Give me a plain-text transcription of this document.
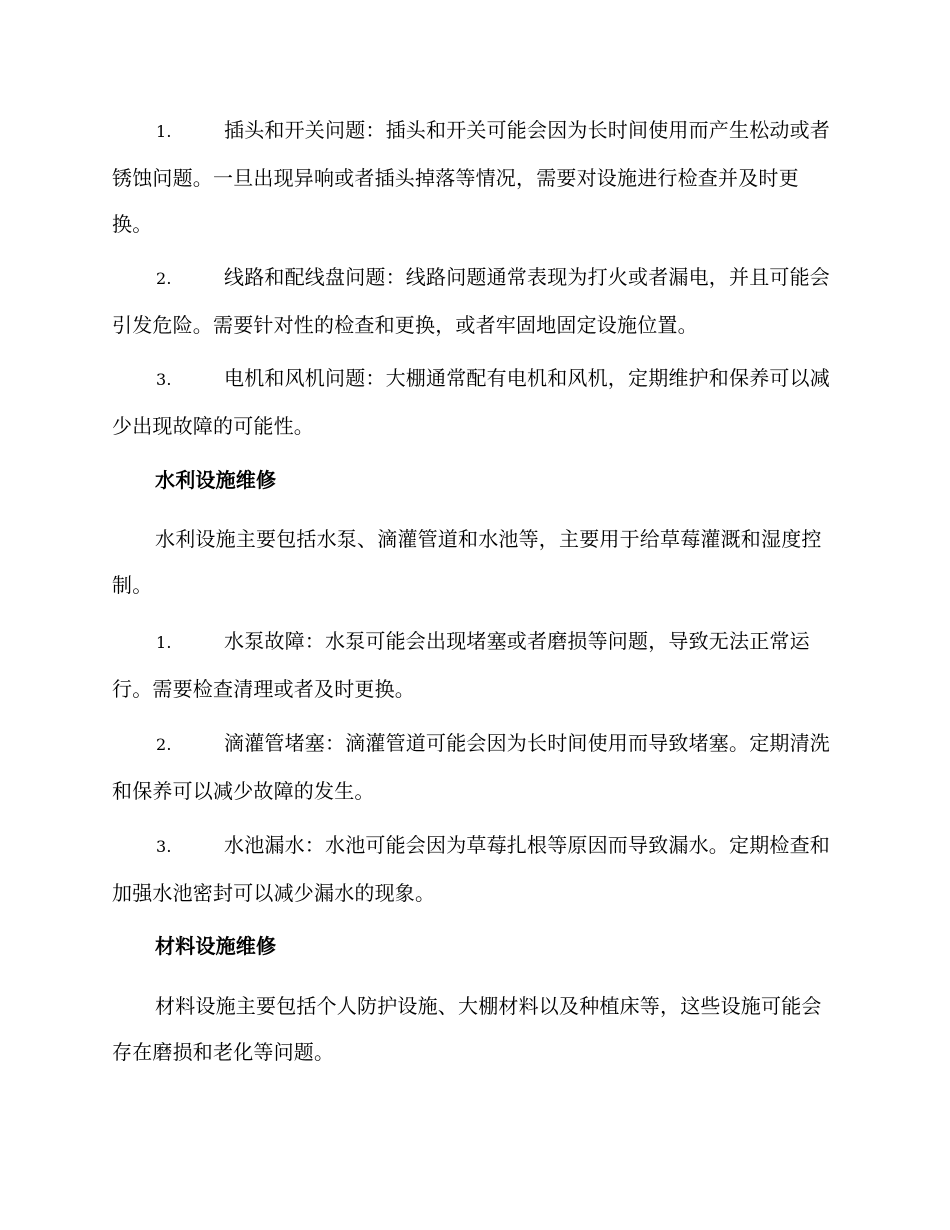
1.	插头和开关问题：插头和开关可能会因为长时间使用而产生松动或者锈蚀问题。一旦出现异响或者插头掉落等情况，需要对设施进行检查并及时更换。
2.	线路和配线盘问题：线路问题通常表现为打火或者漏电，并且可能会引发危险。需要针对性的检查和更换，或者牢固地固定设施位置。
3.	电机和风机问题：大棚通常配有电机和风机，定期维护和保养可以减少出现故障的可能性。
水利设施维修
水利设施主要包括水泵、滴灌管道和水池等，主要用于给草莓灌溉和湿度控制。
1.	水泵故障：水泵可能会出现堵塞或者磨损等问题，导致无法正常运行。需要检查清理或者及时更换。
2.	滴灌管堵塞：滴灌管道可能会因为长时间使用而导致堵塞。定期清洗和保养可以减少故障的发生。
3.	水池漏水：水池可能会因为草莓扎根等原因而导致漏水。定期检查和加强水池密封可以减少漏水的现象。
材料设施维修
材料设施主要包括个人防护设施、大棚材料以及种植床等，这些设施可能会存在磨损和老化等问题。
